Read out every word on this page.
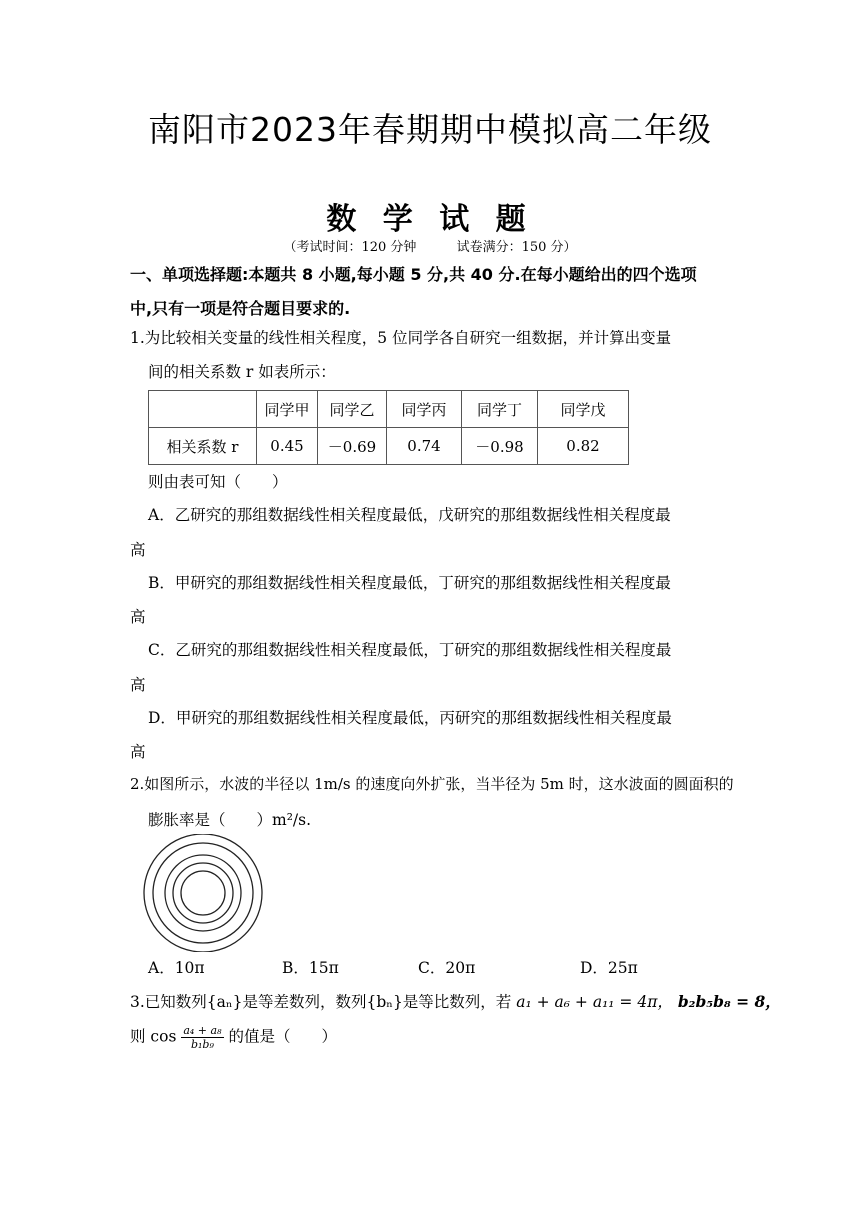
南阳市2023年春期期中模拟高二年级
数 学 试 题
（考试时间：120 分钟	试卷满分：150 分）
一、单项选择题:本题共 8 小题,每小题 5 分,共 40 分.在每小题给出的四个选项
中,只有一项是符合题目要求的.
1.为比较相关变量的线性相关程度，5 位同学各自研究一组数据，并计算出变量
间的相关系数 r 如表所示：
	同学甲	同学乙	同学丙	同学丁	同学戊
相关系数 r	0.45	－0.69	0.74	－0.98	0.82
则由表可知（　　）
A．乙研究的那组数据线性相关程度最低，戊研究的那组数据线性相关程度最
高
B．甲研究的那组数据线性相关程度最低，丁研究的那组数据线性相关程度最
高
C．乙研究的那组数据线性相关程度最低，丁研究的那组数据线性相关程度最
高
D．甲研究的那组数据线性相关程度最低，丙研究的那组数据线性相关程度最
高
2.如图所示，水波的半径以 1m/s 的速度向外扩张，当半径为 5m 时，这水波面的圆面积的
膨胀率是（　　）m²/s.
A．10π	B．15π	C．20π	D．25π
3.已知数列{aₙ}是等差数列，数列{bₙ}是等比数列，若 a₁ + a₆ + a₁₁ = 4π， b₂b₅b₈ = 8，
则 $\cos \frac{\text{a₄ + a₈}}{\text{b₁b₉}}$ 的值是（　　）
